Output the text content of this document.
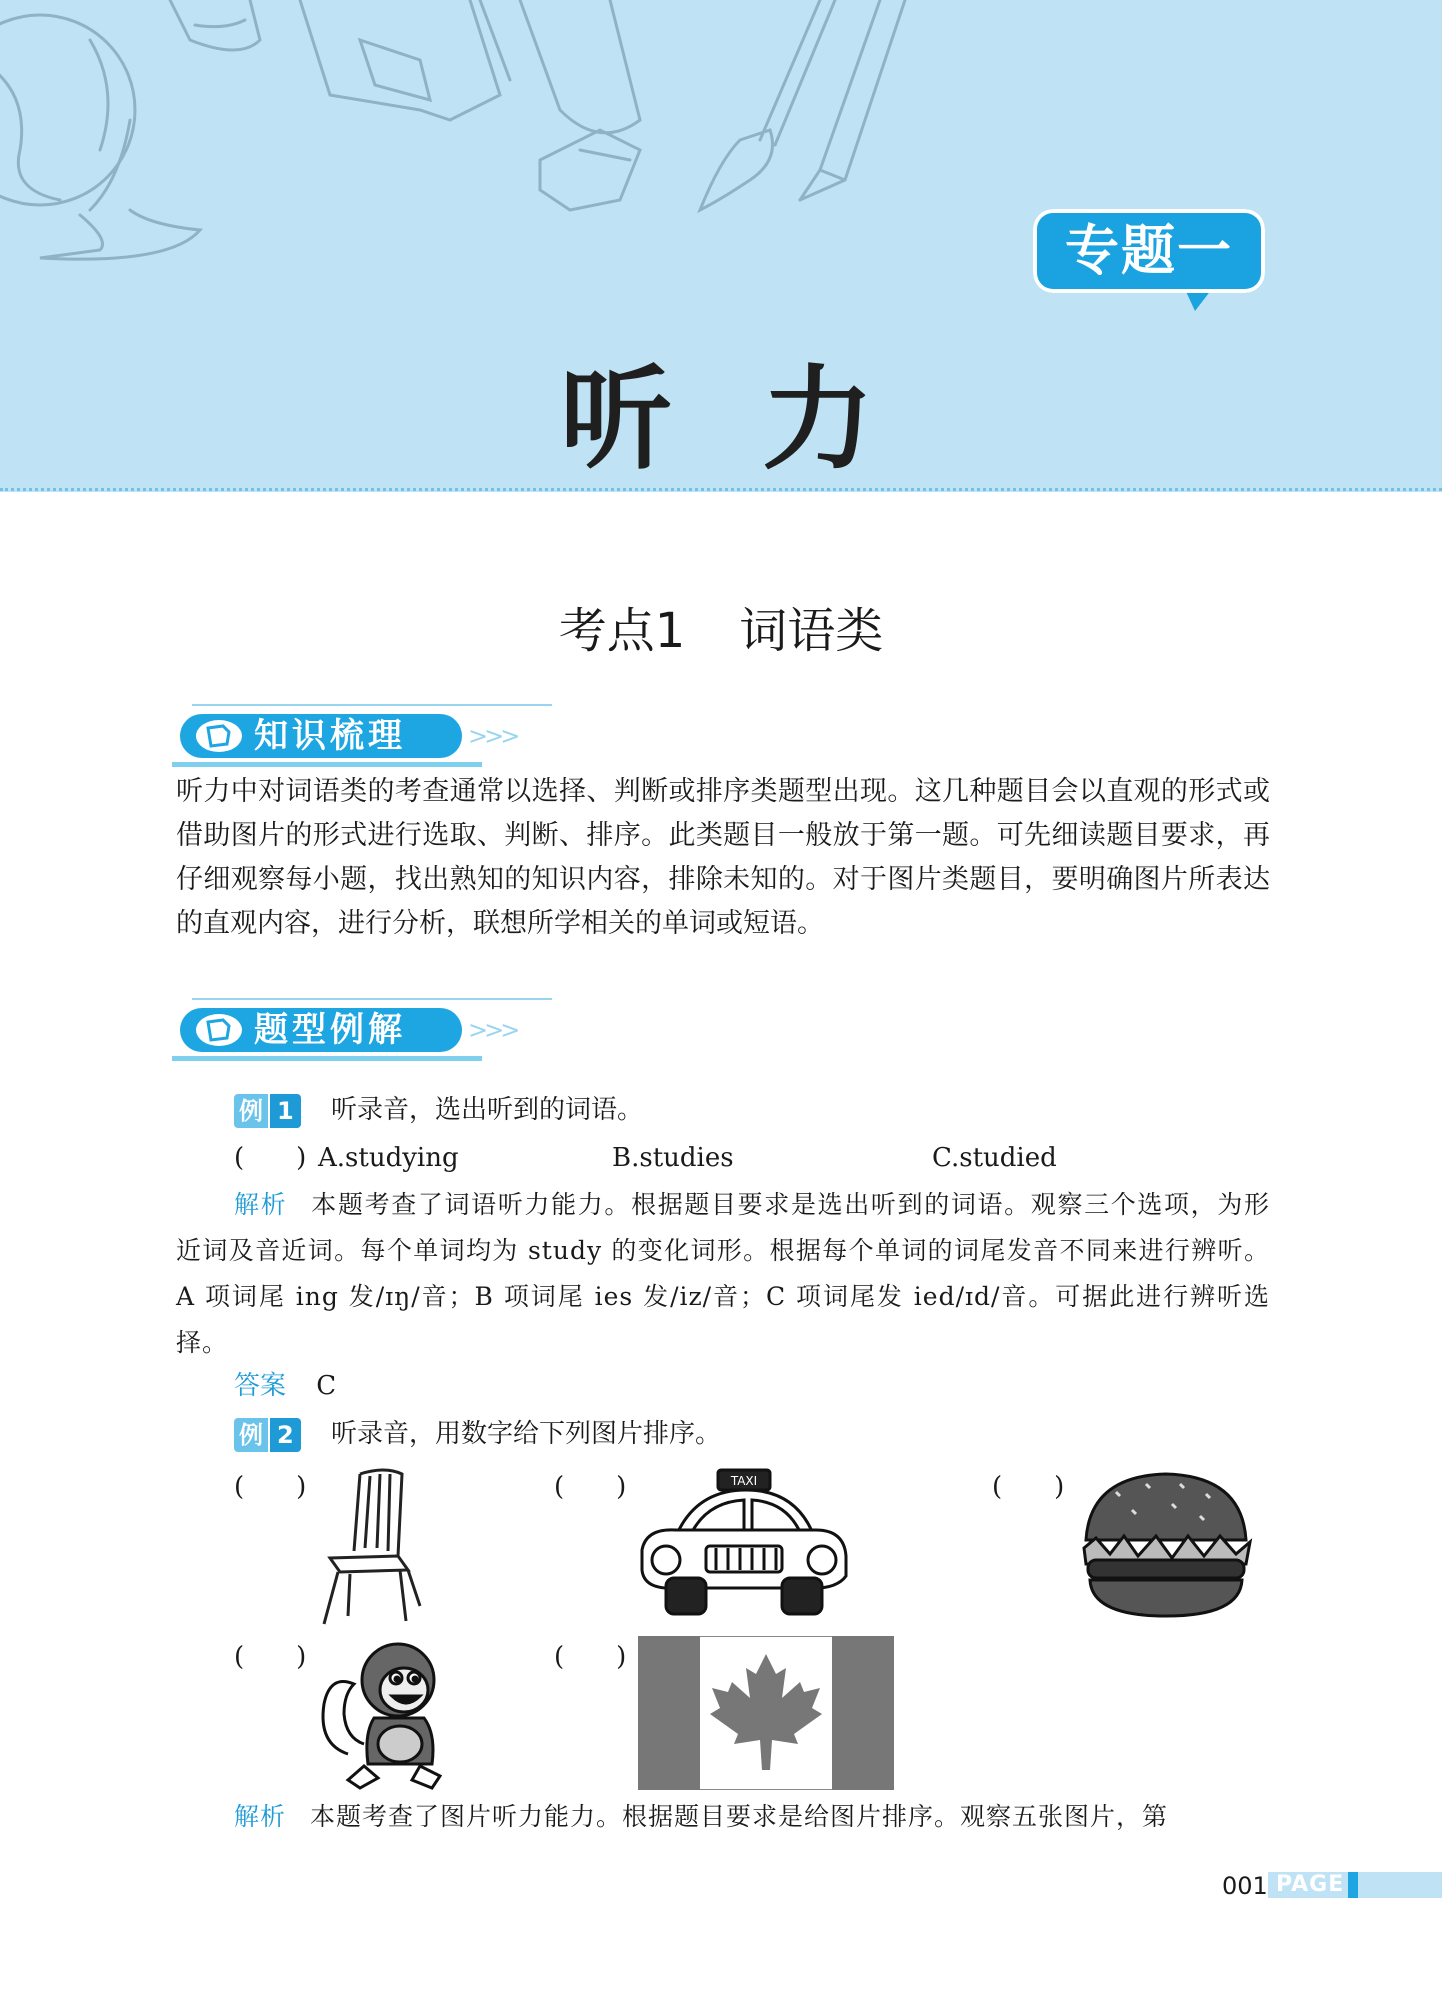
专题一
听力
考点1 词语类
知识梳理	>>>
听力中对词语类的考查通常以选择、判断或排序类题型出现。这几种题目会以直观的形式或借助图片的形式进行选取、判断、排序。此类题目一般放于第一题。可先细读题目要求，再仔细观察每小题，找出熟知的知识内容，排除未知的。对于图片类题目，要明确图片所表达的直观内容，进行分析，联想所学相关的单词或短语。
题型例解	>>>
例 1 听录音，选出听到的词语。
(　　) A.studying	B.studies	C.studied
解析 本题考查了词语听力能力。根据题目要求是选出听到的词语。观察三个选项，为形近词及音近词。每个单词均为 study 的变化词形。根据每个单词的词尾发音不同来进行辨听。A 项词尾 ing 发/ɪŋ/音；B 项词尾 ies 发/iz/音；C 项词尾发 ied/ɪd/音。可据此进行辨听选择。
答案 C
例 2 听录音，用数字给下列图片排序。
(　　)	(　　)	(　　)
(　　)	(　　)
TAXI
解析 本题考查了图片听力能力。根据题目要求是给图片排序。观察五张图片，第
001 PAGE
